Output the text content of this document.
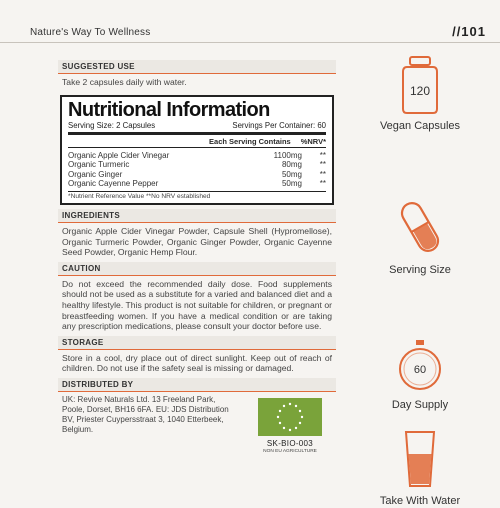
Nature's Way To Wellness	//101
SUGGESTED USE
Take 2 capsules daily with water.
Nutritional Information
Serving Size: 2 Capsules	Servings Per Container: 60
Each Serving Contains %NRV*
Organic Apple Cider Vinegar	1100mg	**
Organic Turmeric	80mg	**
Organic Ginger	50mg	**
Organic Cayenne Pepper	50mg	**
*Nutrient Reference Value **No NRV established
INGREDIENTS
Organic Apple Cider Vinegar Powder, Capsule Shell (Hypromellose), Organic Turmeric Powder, Organic Ginger Powder, Organic Cayenne Seed Powder, Organic Hemp Flour.
CAUTION
Do not exceed the recommended daily dose. Food supplements should not be used as a substitute for a varied and balanced diet and a healthy lifestyle. This product is not suitable for children, or pregnant or breastfeeding women. If you have a medical condition or are taking any prescription medications, please consult your doctor before use.
STORAGE
Store in a cool, dry place out of direct sunlight. Keep out of reach of children. Do not use if the safety seal is missing or damaged.
DISTRIBUTED BY
UK: Revive Naturals Ltd. 13 Freeland Park, Poole, Dorset, BH16 6FA. EU: JDS Distribution BV, Priester Cuypersstraat 3, 1040 Etterbeek, Belgium.
SK-BIO-003
NON EU AGRICULTURE
120
Vegan Capsules
Serving Size
60
Day Supply
Take With Water
